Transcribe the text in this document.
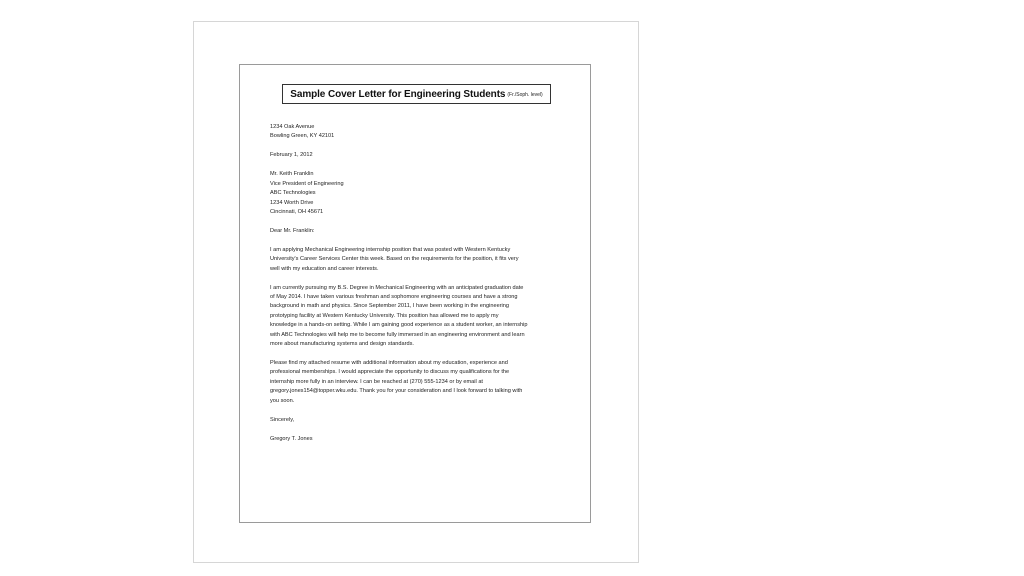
Sample Cover Letter for Engineering Students (Fr./Soph. level)
1234 Oak Avenue
Bowling Green, KY 42101
February 1, 2012
Mr. Keith Franklin
Vice President of Engineering
ABC Technologies
1234 Worth Drive
Cincinnati, OH 45671
Dear Mr. Franklin:
I am applying Mechanical Engineering internship position that was posted with Western Kentucky
University's Career Services Center this week. Based on the requirements for the position, it fits very
well with my education and career interests.
I am currently pursuing my B.S. Degree in Mechanical Engineering with an anticipated graduation date
of May 2014. I have taken various freshman and sophomore engineering courses and have a strong
background in math and physics. Since September 2011, I have been working in the engineering
prototyping facility at Western Kentucky University. This position has allowed me to apply my
knowledge in a hands-on setting. While I am gaining good experience as a student worker, an internship
with ABC Technologies will help me to become fully immersed in an engineering environment and learn
more about manufacturing systems and design standards.
Please find my attached resume with additional information about my education, experience and
professional memberships. I would appreciate the opportunity to discuss my qualifications for the
internship more fully in an interview. I can be reached at (270) 555-1234 or by email at
gregory.jones154@topper.wku.edu. Thank you for your consideration and I look forward to talking with
you soon.
Sincerely,
Gregory T. Jones
